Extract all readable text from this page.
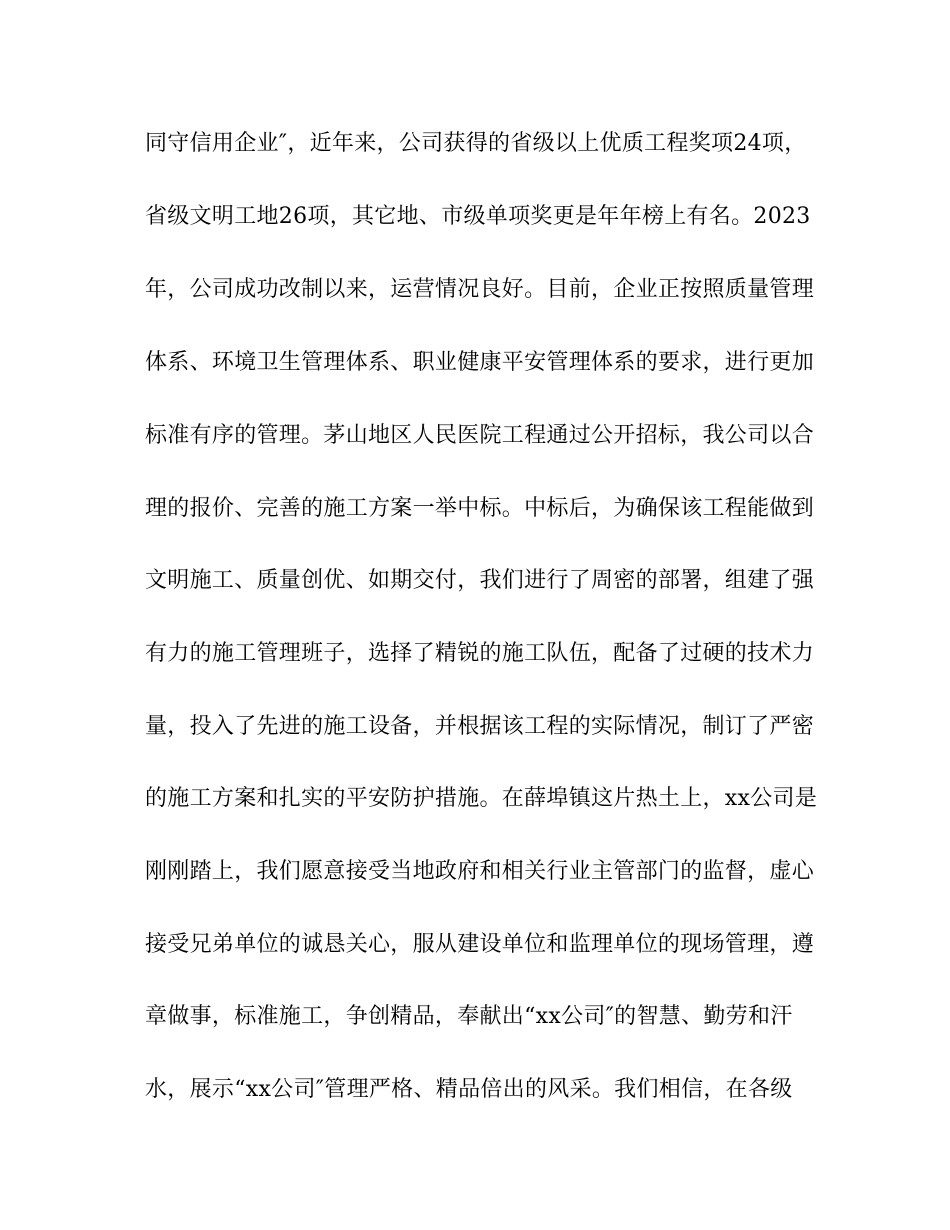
同守信用企业″，近年来，公司获得的省级以上优质工程奖项24项，
省级文明工地26项，其它地、市级单项奖更是年年榜上有名。2023
年，公司成功改制以来，运营情况良好。目前，企业正按照质量管理
体系、环境卫生管理体系、职业健康平安管理体系的要求，进行更加
标准有序的管理。茅山地区人民医院工程通过公开招标，我公司以合
理的报价、完善的施工方案一举中标。中标后，为确保该工程能做到
文明施工、质量创优、如期交付，我们进行了周密的部署，组建了强
有力的施工管理班子，选择了精锐的施工队伍，配备了过硬的技术力
量，投入了先进的施工设备，并根据该工程的实际情况，制订了严密
的施工方案和扎实的平安防护措施。在薛埠镇这片热土上，xx公司是
刚刚踏上，我们愿意接受当地政府和相关行业主管部门的监督，虚心
接受兄弟单位的诚恳关心，服从建设单位和监理单位的现场管理，遵
章做事，标准施工，争创精品，奉献出“xx公司″的智慧、勤劳和汗
水，展示“xx公司″管理严格、精品倍出的风采。我们相信，在各级
